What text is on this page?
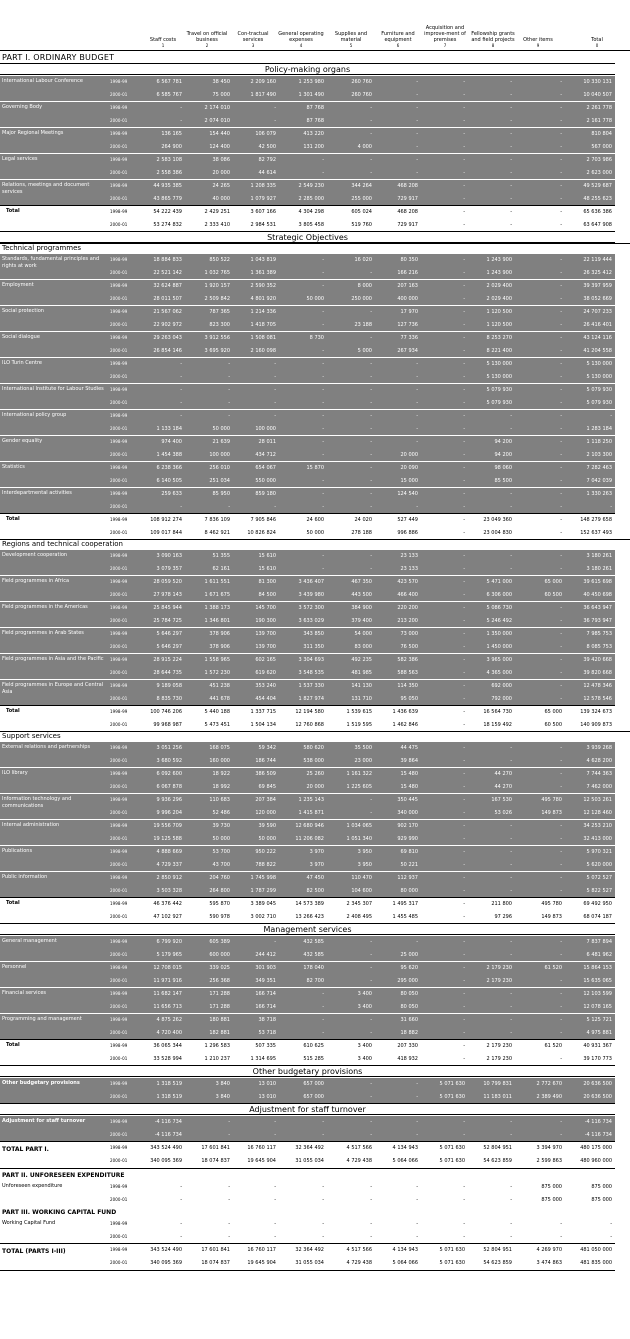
Staff costs
1
Travel on official business
2
Con-tractual services
3
General operating expenses
4
Supplies and material
5
Furniture and equipment
6
Acquisition and improve-ment of premises
7
Fellowship grants and field projects
8
Other items
9
Total
0
PART I. ORDINARY BUDGET
Policy-making organs
International Labour Conference	1998-99	6 567 781	38 450	2 209 160	1 253 980	260 760	-	-	-	-	10 330 131
2000-01	6 585 767	75 000	1 817 490	1 301 490	260 760	-	-	-	-	10 040 507
Governing Body	1998-99	-	2 174 010	-	87 768	-	-	-	-	-	2 261 778
2000-01	-	2 074 010	-	87 768	-	-	-	-	-	2 161 778
Major Regional Meetings	1998-99	136 165	154 440	106 079	413 220	-	-	-	-	-	810 804
2000-01	264 900	124 400	42 500	131 200	4 000	-	-	-	-	567 000
Legal services	1998-99	2 583 108	38 086	82 792	-	-	-	-	-	-	2 703 986
2000-01	2 558 386	20 000	44 614	-	-	-	-	-	-	2 623 000
Relations, meetings and document services
1998-99	44 935 385	24 265	1 208 335	2 549 230	344 264	468 208	-	-	-	49 529 687
2000-01	43 865 779	40 000	1 079 927	2 285 000	255 000	729 917	-	-	-	48 255 623
Total	1998-99	54 222 439	2 429 251	3 607 166	4 304 298	605 024	468 208	-	-	-	65 636 386
2000-01	53 274 832	2 333 410	2 984 531	3 805 458	519 760	729 917	-	-	-	63 647 908
Strategic Objectives
Technical programmes
Standards, fundamental principles and rights at work
1998-99	18 884 833	850 522	1 043 819	-	16 020	80 350	-	1 243 900	-	22 119 444
2000-01	22 521 142	1 032 765	1 361 389	-	-	166 216	-	1 243 900	-	26 325 412
Employment	1998-99	32 624 887	1 920 157	2 590 352	-	8 000	207 163	-	2 029 400	-	39 397 959
2000-01	28 011 507	2 509 842	4 801 920	50 000	250 000	400 000	-	2 029 400	-	38 052 669
Social protection	1998-99	21 567 062	787 365	1 214 336	-	-	17 970	-	1 120 500	-	24 707 233
2000-01	22 902 972	823 300	1 418 705	-	23 188	127 736	-	1 120 500	-	26 416 401
Social dialogue	1998-99	29 263 043	3 912 556	1 508 081	8 730	-	77 336	-	8 253 270	-	43 124 116
2000-01	26 854 146	3 695 920	2 160 098	-	5 000	267 934	-	8 221 400	-	41 204 558
ILO Turin Centre	1998-99	-	-	-	-	-	-	-	5 130 000	-	5 130 000
2000-01	-	-	-	-	-	-	-	5 130 000	-	5 130 000
International Institute for Labour Studies	1998-99	-	-	-	-	-	-	-	5 079 930	-	5 079 930
2000-01	-	-	-	-	-	-	-	5 079 930	-	5 079 930
International policy group	1998-99	-	-	-	-	-	-	-	-	-	-
2000-01	1 133 184	50 000	100 000	-	-	-	-	-	-	1 283 184
Gender equality	1998-99	974 400	21 639	28 011	-	-	-	-	94 200	-	1 118 250
2000-01	1 454 388	100 000	434 712	-	-	20 000	-	94 200	-	2 103 300
Statistics	1998-99	6 238 366	256 010	654 067	15 870	-	20 090	-	98 060	-	7 282 463
2000-01	6 140 505	251 034	550 000	-	-	15 000	-	85 500	-	7 042 039
Interdepartmental activities	1998-99	259 633	85 950	859 180	-	-	124 540	-	-	-	1 330 263
2000-01	-	-	-	-	-	-	-	-	-	-
Total	1998-99	108 912 274	7 836 109	7 905 846	24 600	24 020	527 449	-	23 049 360	-	148 279 658
2000-01	109 017 844	8 462 921	10 826 824	50 000	278 188	996 886	-	23 004 830	-	152 637 493
Regions and technical cooperation
Development cooperation	1998-99	3 090 163	51 355	15 610	-	-	23 133	-	-	-	3 180 261
2000-01	3 079 357	62 161	15 610	-	-	23 133	-	-	-	3 180 261
Field programmes in Africa	1998-99	28 059 520	1 611 551	81 300	3 436 407	467 350	423 570	-	5 471 000	65 000	39 615 698
2000-01	27 978 143	1 671 675	84 500	3 439 980	443 500	466 400	-	6 306 000	60 500	40 450 698
Field programmes in the Americas	1998-99	25 845 944	1 388 173	145 700	3 572 300	384 900	220 200	-	5 086 730	-	36 643 947
2000-01	25 784 725	1 346 801	190 300	3 633 029	379 400	213 200	-	5 246 492	-	36 793 947
Field programmes in Arab States	1998-99	5 646 297	378 906	139 700	343 850	54 000	73 000	-	1 350 000	-	7 985 753
2000-01	5 646 297	378 906	139 700	311 350	83 000	76 500	-	1 450 000	-	8 085 753
Field programmes in Asia and the Pacific	1998-99	28 915 224	1 558 965	602 165	3 304 693	492 235	582 386	-	3 965 000	-	39 420 668
2000-01	28 644 735	1 572 230	619 620	3 548 535	481 985	588 563	-	4 365 000	-	39 820 668
Field programmes in Europe and Central Asia
1998-99	9 189 058	451 238	353 240	1 537 330	141 130	114 350	-	692 000	-	12 478 346
2000-01	8 835 730	441 678	454 404	1 827 974	131 710	95 050	-	792 000	-	12 578 546
Total	1998-99	100 746 206	5 440 188	1 337 715	12 194 580	1 539 615	1 436 639	-	16 564 730	65 000	139 324 673
2000-01	99 968 987	5 473 451	1 504 134	12 760 868	1 519 595	1 462 846	-	18 159 492	60 500	140 909 873
Support services
External relations and partnerships	1998-99	3 051 256	168 075	59 342	580 620	35 500	44 475	-	-	-	3 939 268
2000-01	3 680 592	160 000	186 744	538 000	23 000	39 864	-	-	-	4 628 200
ILO library	1998-99	6 092 600	18 922	386 509	25 260	1 161 322	15 480	-	44 270	-	7 744 363
2000-01	6 067 878	18 992	69 845	20 000	1 225 605	15 480	-	44 270	-	7 462 000
Information technology and communications
1998-99	9 936 296	110 683	207 384	1 235 143	-	350 445	-	167 530	495 780	12 503 261
2000-01	9 996 204	52 486	120 000	1 415 871	-	340 000	-	53 026	149 873	12 128 460
Internal administration	1998-99	19 556 709	39 730	39 590	12 680 946	1 034 065	902 170	-	-	-	34 253 210
2000-01	19 125 588	50 000	50 000	11 206 082	1 051 340	929 990	-	-	-	32 413 000
Publications	1998-99	4 888 669	53 700	950 222	3 970	3 950	69 810	-	-	-	5 970 321
2000-01	4 729 337	43 700	788 822	3 970	3 950	50 221	-	-	-	5 620 000
Public information	1998-99	2 850 912	204 760	1 745 998	47 450	110 470	112 937	-	-	-	5 072 527
2000-01	3 503 328	264 800	1 787 299	82 500	104 600	80 000	-	-	-	5 822 527
Total	1998-99	46 376 442	595 870	3 389 045	14 573 389	2 345 307	1 495 317	-	211 800	495 780	69 492 950
2000-01	47 102 927	590 978	3 002 710	13 266 423	2 408 495	1 455 485	-	97 296	149 873	68 074 187
Management services
General management	1998-99	6 799 920	605 389	-	432 585	-	-	-	-	-	7 837 894
2000-01	5 179 965	600 000	244 412	432 585	-	25 000	-	-	-	6 481 962
Personnel	1998-99	12 708 015	339 025	301 903	178 040	-	95 620	-	2 179 230	61 520	15 864 153
2000-01	11 971 916	256 368	349 351	82 700	-	295 000	-	2 179 230	-	15 635 065
Financial services	1998-99	11 682 147	171 288	166 714	-	3 400	80 050	-	-	-	12 103 599
2000-01	11 656 713	171 288	166 714	-	3 400	80 050	-	-	-	12 078 165
Programming and management	1998-99	4 875 262	180 881	38 718	-	-	31 660	-	-	-	5 125 721
2000-01	4 720 400	182 881	53 718	-	-	18 882	-	-	-	4 975 881
Total	1998-99	36 065 344	1 296 583	507 335	610 625	3 400	207 330	-	2 179 230	61 520	40 931 367
2000-01	33 528 994	1 210 237	1 314 695	515 285	3 400	418 932	-	2 179 230	-	39 170 773
Other budgetary provisions
Other budgetary provisions	1998-99	1 318 519	3 840	13 010	657 000	-	-	5 071 630	10 799 831	2 772 670	20 636 500
2000-01	1 318 519	3 840	13 010	657 000	-	-	5 071 630	11 183 011	2 389 490	20 636 500
Adjustment for staff turnover
Adjustment for staff turnover	1998-99	-4 116 734	-	-	-	-	-	-	-	-	-4 116 734
2000-01	-4 116 734	-	-	-	-	-	-	-	-	-4 116 734
TOTAL PART I.	1998-99	343 524 490	17 601 841	16 760 117	32 364 492	4 517 566	4 134 943	5 071 630	52 804 951	3 394 970	480 175 000
2000-01	340 095 369	18 074 837	19 645 904	31 055 034	4 729 438	5 064 066	5 071 630	54 623 859	2 599 863	480 960 000
PART II. UNFORESEEN EXPENDITURE
Unforeseen expenditure	1998-99	-	-	-	-	-	-	-	-	875 000	875 000
2000-01	-	-	-	-	-	-	-	-	875 000	875 000
PART III. WORKING CAPITAL FUND
Working Capital Fund	1998-99	-	-	-	-	-	-	-	-	-	-
2000-01	-	-	-	-	-	-	-	-	-	-
TOTAL (PARTS I-III)	1998-99	343 524 490	17 601 841	16 760 117	32 364 492	4 517 566	4 134 943	5 071 630	52 804 951	4 269 970	481 050 000
2000-01	340 095 369	18 074 837	19 645 904	31 055 034	4 729 438	5 064 066	5 071 630	54 623 859	3 474 863	481 835 000
